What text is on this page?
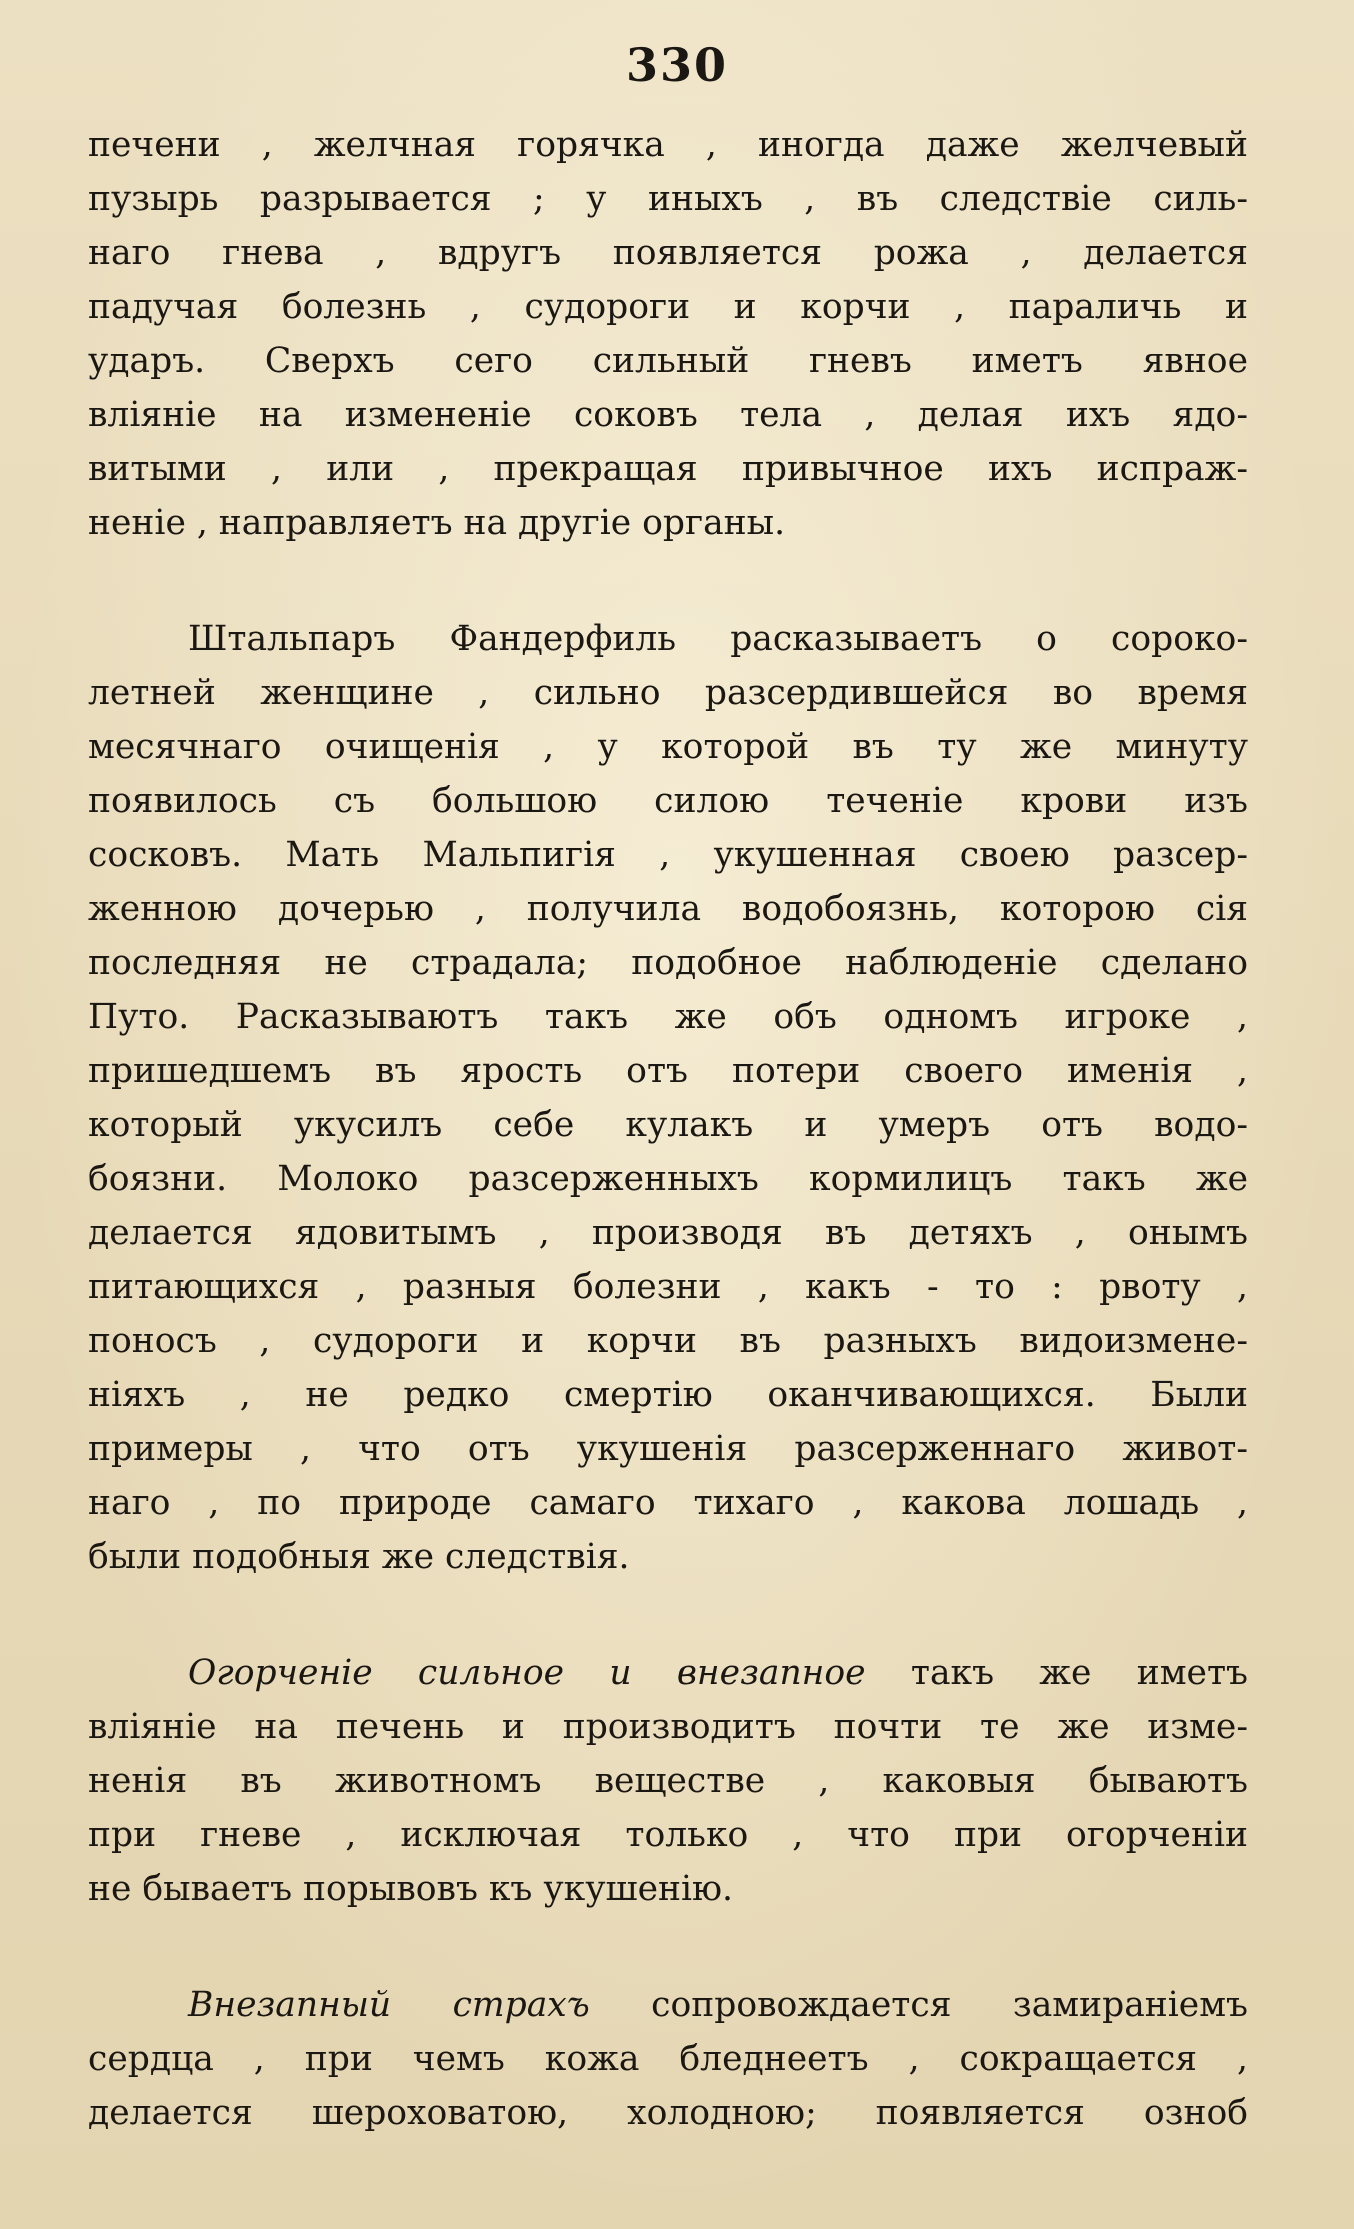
330

печени , желчная горячка , иногда даже желчевый
пузырь разрывается ; у иныхъ , въ следствіе силь-
наго гнева , вдругъ появляется рожа , делается
падучая болезнь , судороги и корчи , параличь и
ударъ. Сверхъ сего сильный гневъ иметъ явное
вліяніе на измененіе соковъ тела , делая ихъ ядо-
витыми , или , прекращая привычное ихъ испраж-
неніе , направляетъ на другіе органы.

Штальпаръ Фандерфиль расказываетъ о сороко-
летней женщине , сильно разсердившейся во время
месячнаго очищенія , у которой въ ту же минуту
появилось съ большою силою теченіе крови изъ
сосковъ. Мать Мальпигія , укушенная своею разсер-
женною дочерью , получила водобоязнь, которою сія
последняя не страдала; подобное наблюденіе сделано
Путо. Расказываютъ такъ же объ одномъ игроке ,
пришедшемъ въ ярость отъ потери своего именія ,
который укусилъ себе кулакъ и умеръ отъ водо-
боязни. Молоко разсерженныхъ кормилицъ такъ же
делается ядовитымъ , производя въ детяхъ , онымъ
питающихся , разныя болезни , какъ - то : рвоту ,
поносъ , судороги и корчи въ разныхъ видоизмене-
ніяхъ , не редко смертію оканчивающихся. Были
примеры , что отъ укушенія разсерженнаго живот-
наго , по природе самаго тихаго , какова лошадь ,
были подобныя же следствія.

Огорченіе сильное и внезапное такъ же иметъ
вліяніе на печень и производитъ почти те же изме-
ненія въ животномъ веществе , каковыя бываютъ
при гневе , исключая только , что при огорченіи
не бываетъ порывовъ къ укушенію.

Внезапный страхъ сопровождается замираніемъ
сердца , при чемъ кожа бледнеетъ , сокращается ,
делается шероховатою, холодною; появляется озноб
